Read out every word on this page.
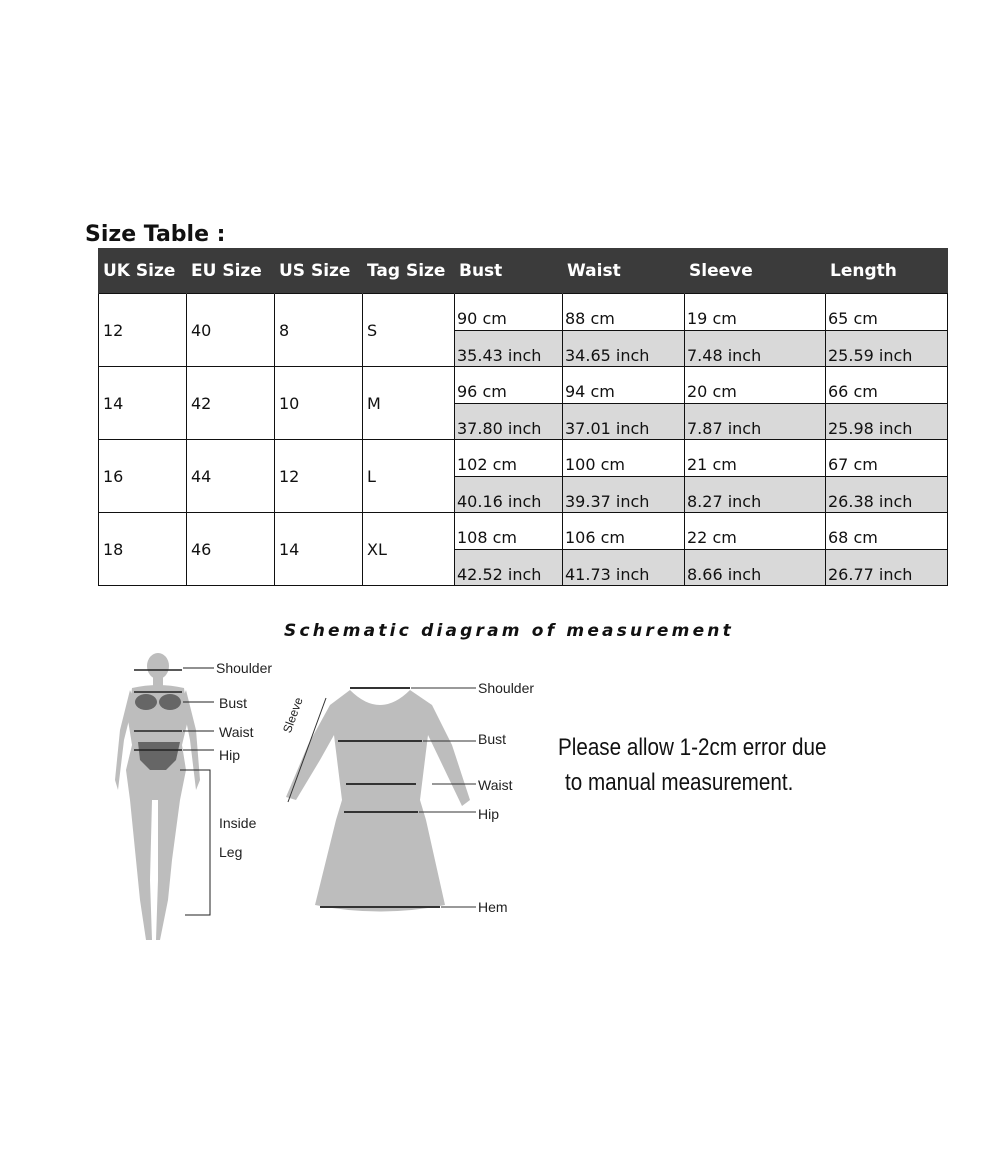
Size Table :
UK Size	EU Size	US Size	Tag Size	Bust	Waist	Sleeve	Length
12	40	8	S	90 cm	88 cm	19 cm	65 cm
				35.43 inch	34.65 inch	7.48 inch	25.59 inch
14	42	10	M	96 cm	94 cm	20 cm	66 cm
				37.80 inch	37.01 inch	7.87 inch	25.98 inch
16	44	12	L	102 cm	100 cm	21 cm	67 cm
				40.16 inch	39.37 inch	8.27 inch	26.38 inch
18	46	14	XL	108 cm	106 cm	22 cm	68 cm
				42.52 inch	41.73 inch	8.66 inch	26.77 inch
Schematic diagram of measurement
Shoulder
Bust
Waist
Hip
Inside
Leg
Shoulder
Bust
Waist
Hip
Hem
Sleeve
Please allow 1-2cm error due
to manual measurement.
